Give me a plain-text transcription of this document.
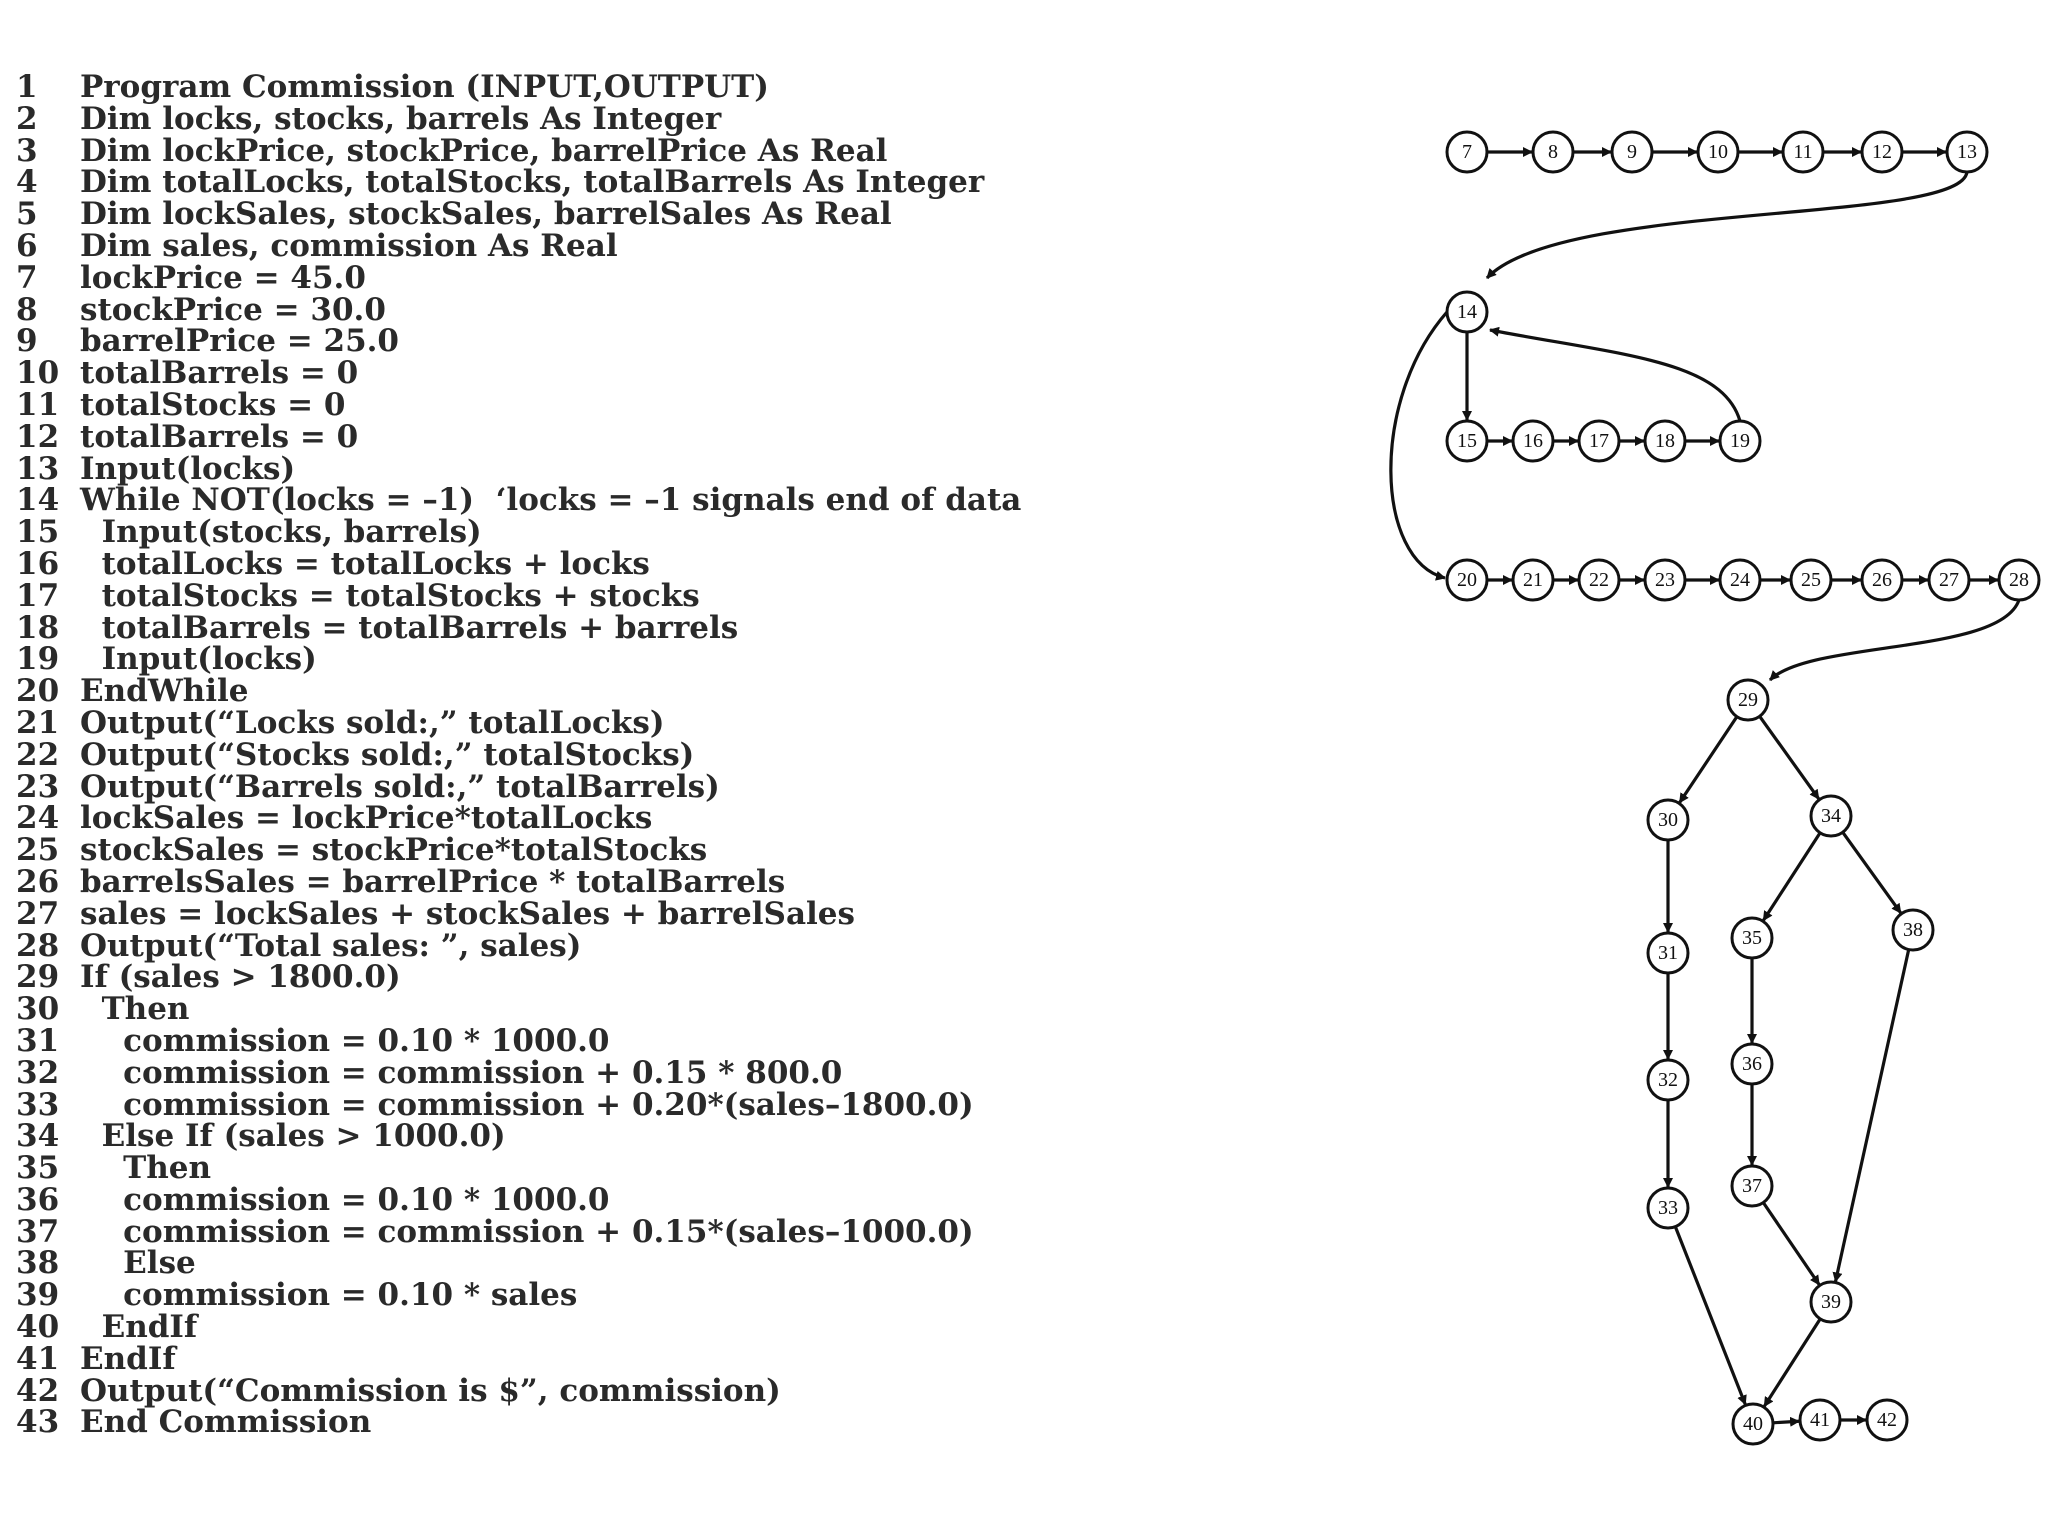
1	Program Commission (INPUT,OUTPUT)
2	Dim locks, stocks, barrels As Integer
3	Dim lockPrice, stockPrice, barrelPrice As Real
4	Dim totalLocks, totalStocks, totalBarrels As Integer
5	Dim lockSales, stockSales, barrelSales As Real
6	Dim sales, commission As Real
7	lockPrice = 45.0
8	stockPrice = 30.0
9	barrelPrice = 25.0
10 totalBarrels = 0
11 totalStocks = 0
12 totalBarrels = 0
13 Input(locks)
14 While NOT(locks = –1)  ‘locks = –1 signals end of data
15 Input(stocks, barrels)
16 totalLocks = totalLocks + locks
17 totalStocks = totalStocks + stocks
18 totalBarrels = totalBarrels + barrels
19 Input(locks)
20 EndWhile
21 Output(“Locks sold:,” totalLocks)
22 Output(“Stocks sold:,” totalStocks)
23 Output(“Barrels sold:,” totalBarrels)
24 lockSales = lockPrice*totalLocks
25 stockSales = stockPrice*totalStocks
26 barrelsSales = barrelPrice * totalBarrels
27 sales = lockSales + stockSales + barrelSales
28 Output(“Total sales: ”, sales)
29 If (sales > 1800.0)
30 Then
31 commission = 0.10 * 1000.0
32 commission = commission + 0.15 * 800.0
33 commission = commission + 0.20*(sales–1800.0)
34 Else If (sales > 1000.0)
35 Then
36 commission = 0.10 * 1000.0
37 commission = commission + 0.15*(sales–1000.0)
38 Else
39 commission = 0.10 * sales
40 EndIf
41 EndIf
42 Output(“Commission is $”, commission)
43 End Commission
7	8	9	10	11	12	13
14
15 16 17 18	19
20 21 22 23	24	25	26 27	28
29
30
31
32
33
34
35
36
37
38
39
40 41 42
